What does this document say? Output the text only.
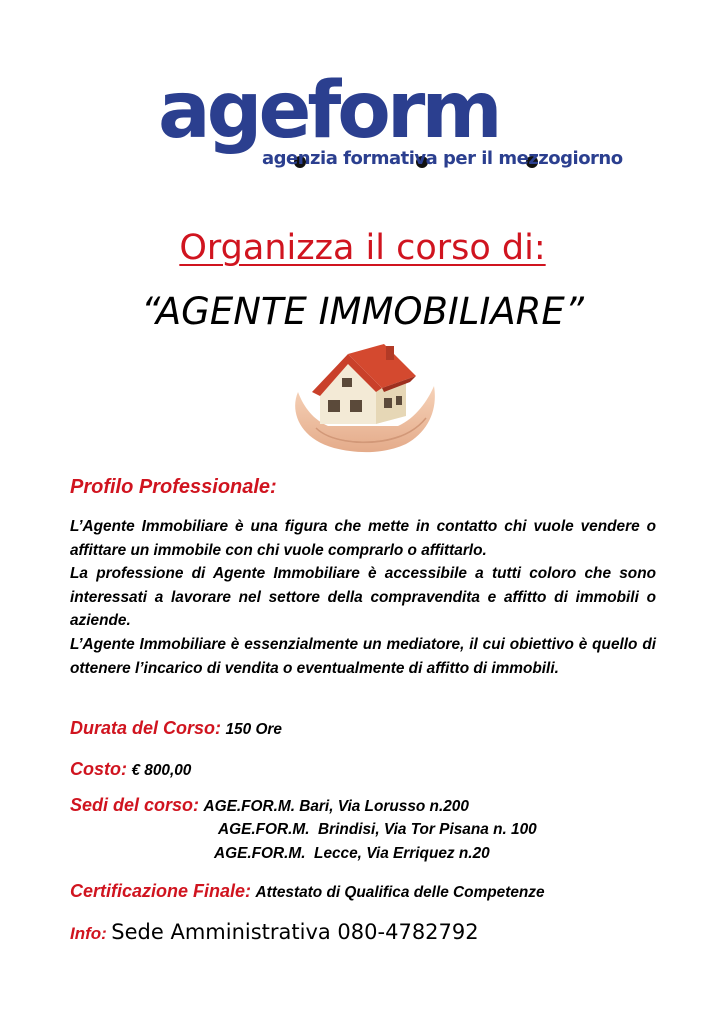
ageform
agenzia formativa per il mezzogiorno
Organizza il corso di:
“AGENTE IMMOBILIARE”
Profilo Professionale:

L’Agente Immobiliare è una figura che mette in contatto chi vuole vendere o affittare un immobile con chi vuole comprarlo o affittarlo.

La professione di Agente Immobiliare è accessibile a tutti coloro che sono interessati a lavorare nel settore della compravendita e affitto di immobili o aziende.

L’Agente Immobiliare è essenzialmente un mediatore, il cui obiettivo è quello di ottenere l’incarico di vendita o eventualmente di affitto di immobili.

Durata del Corso: 150 Ore
Costo: € 800,00
Sedi del corso: AGE.FOR.M. Bari, Via Lorusso n.200
AGE.FOR.M.  Brindisi, Via Tor Pisana n. 100
AGE.FOR.M.  Lecce, Via Erriquez n.20
Certificazione Finale: Attestato di Qualifica delle Competenze
Info: Sede Amministrativa 080-4782792
